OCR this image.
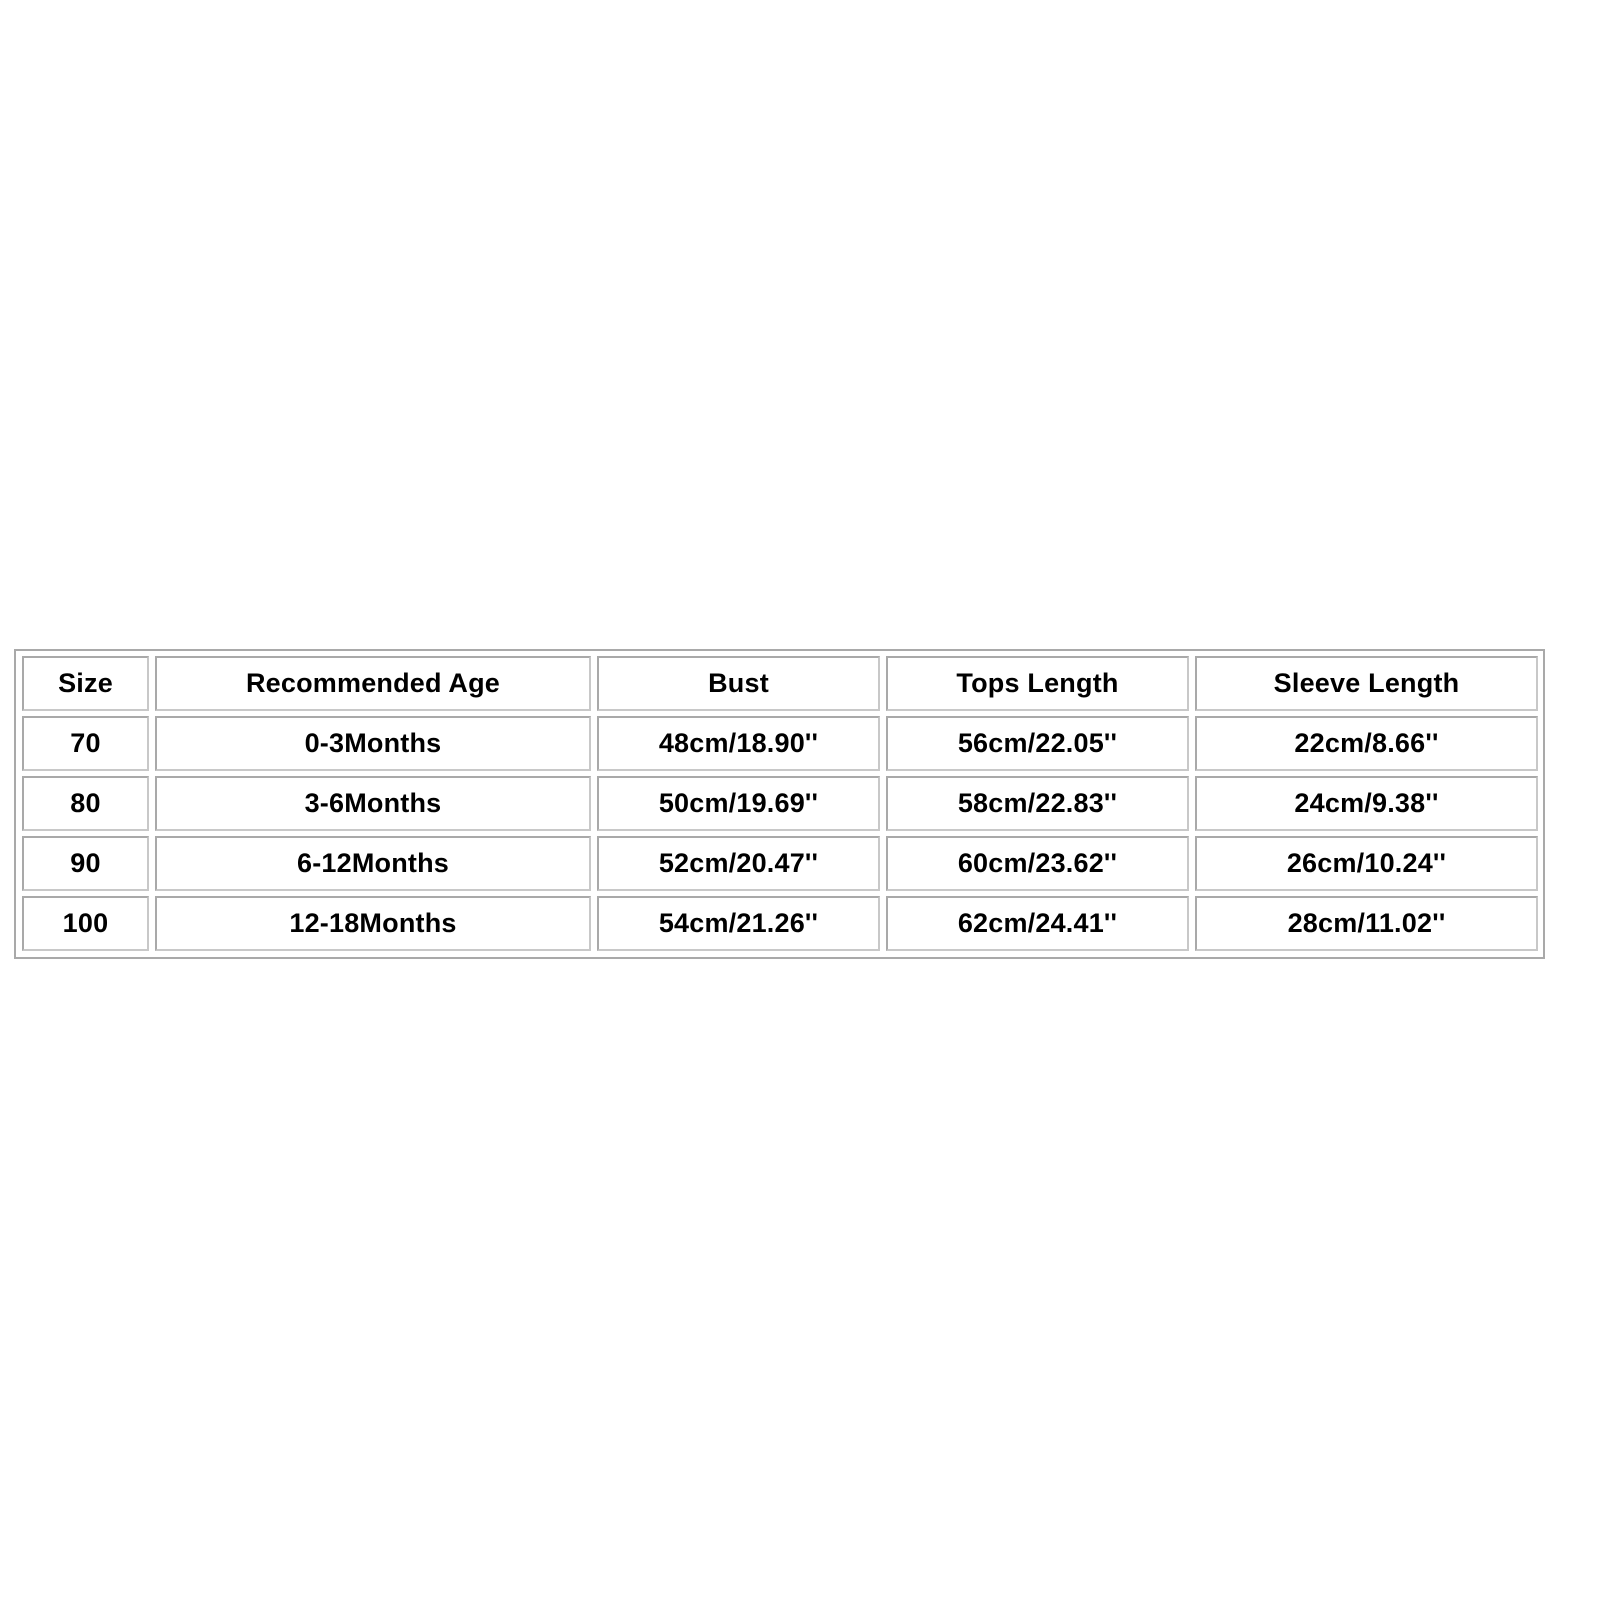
Size	Recommended Age	Bust	Tops Length	Sleeve Length
70	0-3Months	48cm/18.90''	56cm/22.05''	22cm/8.66''
80	3-6Months	50cm/19.69''	58cm/22.83''	24cm/9.38''
90	6-12Months	52cm/20.47''	60cm/23.62''	26cm/10.24''
100	12-18Months	54cm/21.26''	62cm/24.41''	28cm/11.02''
